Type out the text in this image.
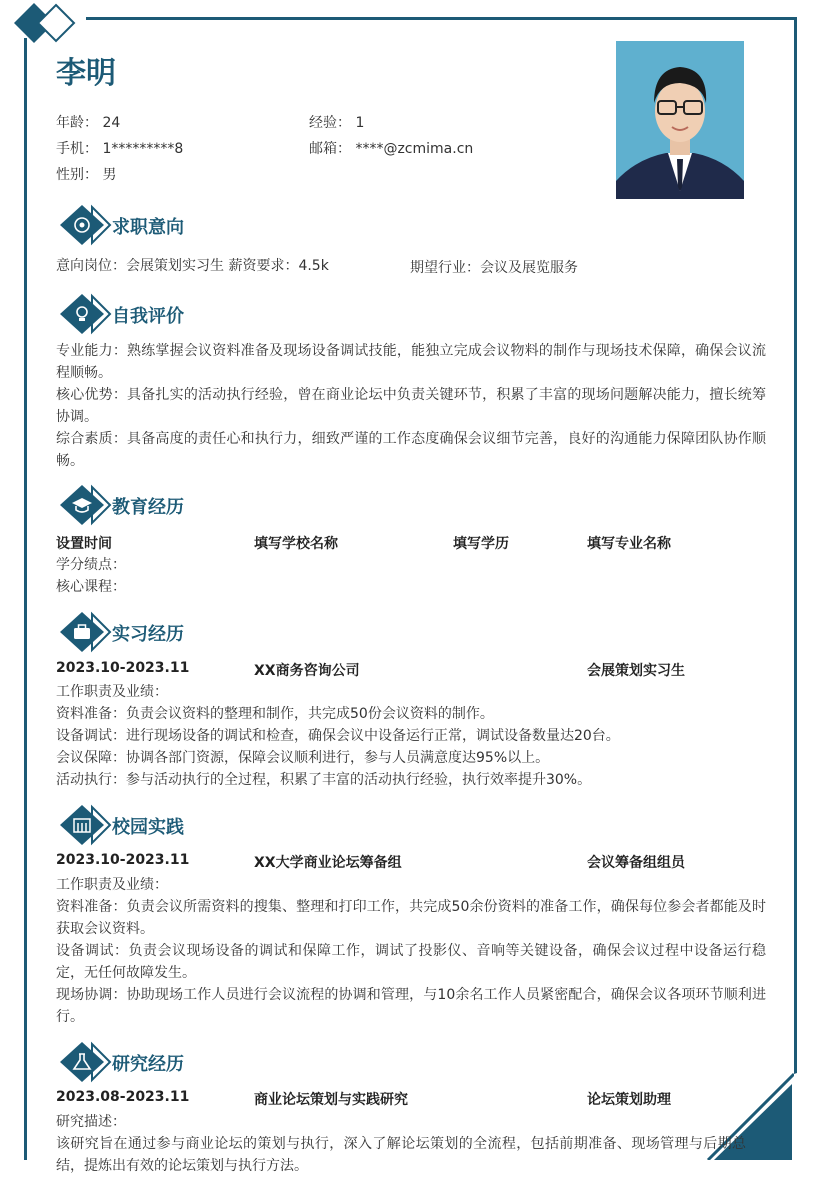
李明
年龄： 24	经验： 1
手机： 1*********8	邮箱： ****@zcmima.cn
性别： 男
求职意向
意向岗位：会展策划实习生 薪资要求：4.5k	期望行业：会议及展览服务
自我评价
专业能力：熟练掌握会议资料准备及现场设备调试技能，能独立完成会议物料的制作与现场技术保障，确保会议流程顺畅。
核心优势：具备扎实的活动执行经验，曾在商业论坛中负责关键环节，积累了丰富的现场问题解决能力，擅长统筹协调。
综合素质：具备高度的责任心和执行力，细致严谨的工作态度确保会议细节完善，良好的沟通能力保障团队协作顺畅。
教育经历
设置时间	填写学校名称	填写学历	填写专业名称
学分绩点：
核心课程：
实习经历
2023.10-2023.11	XX商务咨询公司	会展策划实习生
工作职责及业绩：
资料准备：负责会议资料的整理和制作，共完成50份会议资料的制作。
设备调试：进行现场设备的调试和检查，确保会议中设备运行正常，调试设备数量达20台。
会议保障：协调各部门资源，保障会议顺利进行，参与人员满意度达95%以上。
活动执行：参与活动执行的全过程，积累了丰富的活动执行经验，执行效率提升30%。
校园实践
2023.10-2023.11	XX大学商业论坛筹备组	会议筹备组组员
工作职责及业绩：
资料准备：负责会议所需资料的搜集、整理和打印工作，共完成50余份资料的准备工作，确保每位参会者都能及时获取会议资料。
设备调试：负责会议现场设备的调试和保障工作，调试了投影仪、音响等关键设备，确保会议过程中设备运行稳定，无任何故障发生。
现场协调：协助现场工作人员进行会议流程的协调和管理，与10余名工作人员紧密配合，确保会议各项环节顺利进行。
研究经历
2023.08-2023.11	商业论坛策划与实践研究	论坛策划助理
研究描述：
该研究旨在通过参与商业论坛的策划与执行，深入了解论坛策划的全流程，包括前期准备、现场管理与后期总结，提炼出有效的论坛策划与执行方法。
